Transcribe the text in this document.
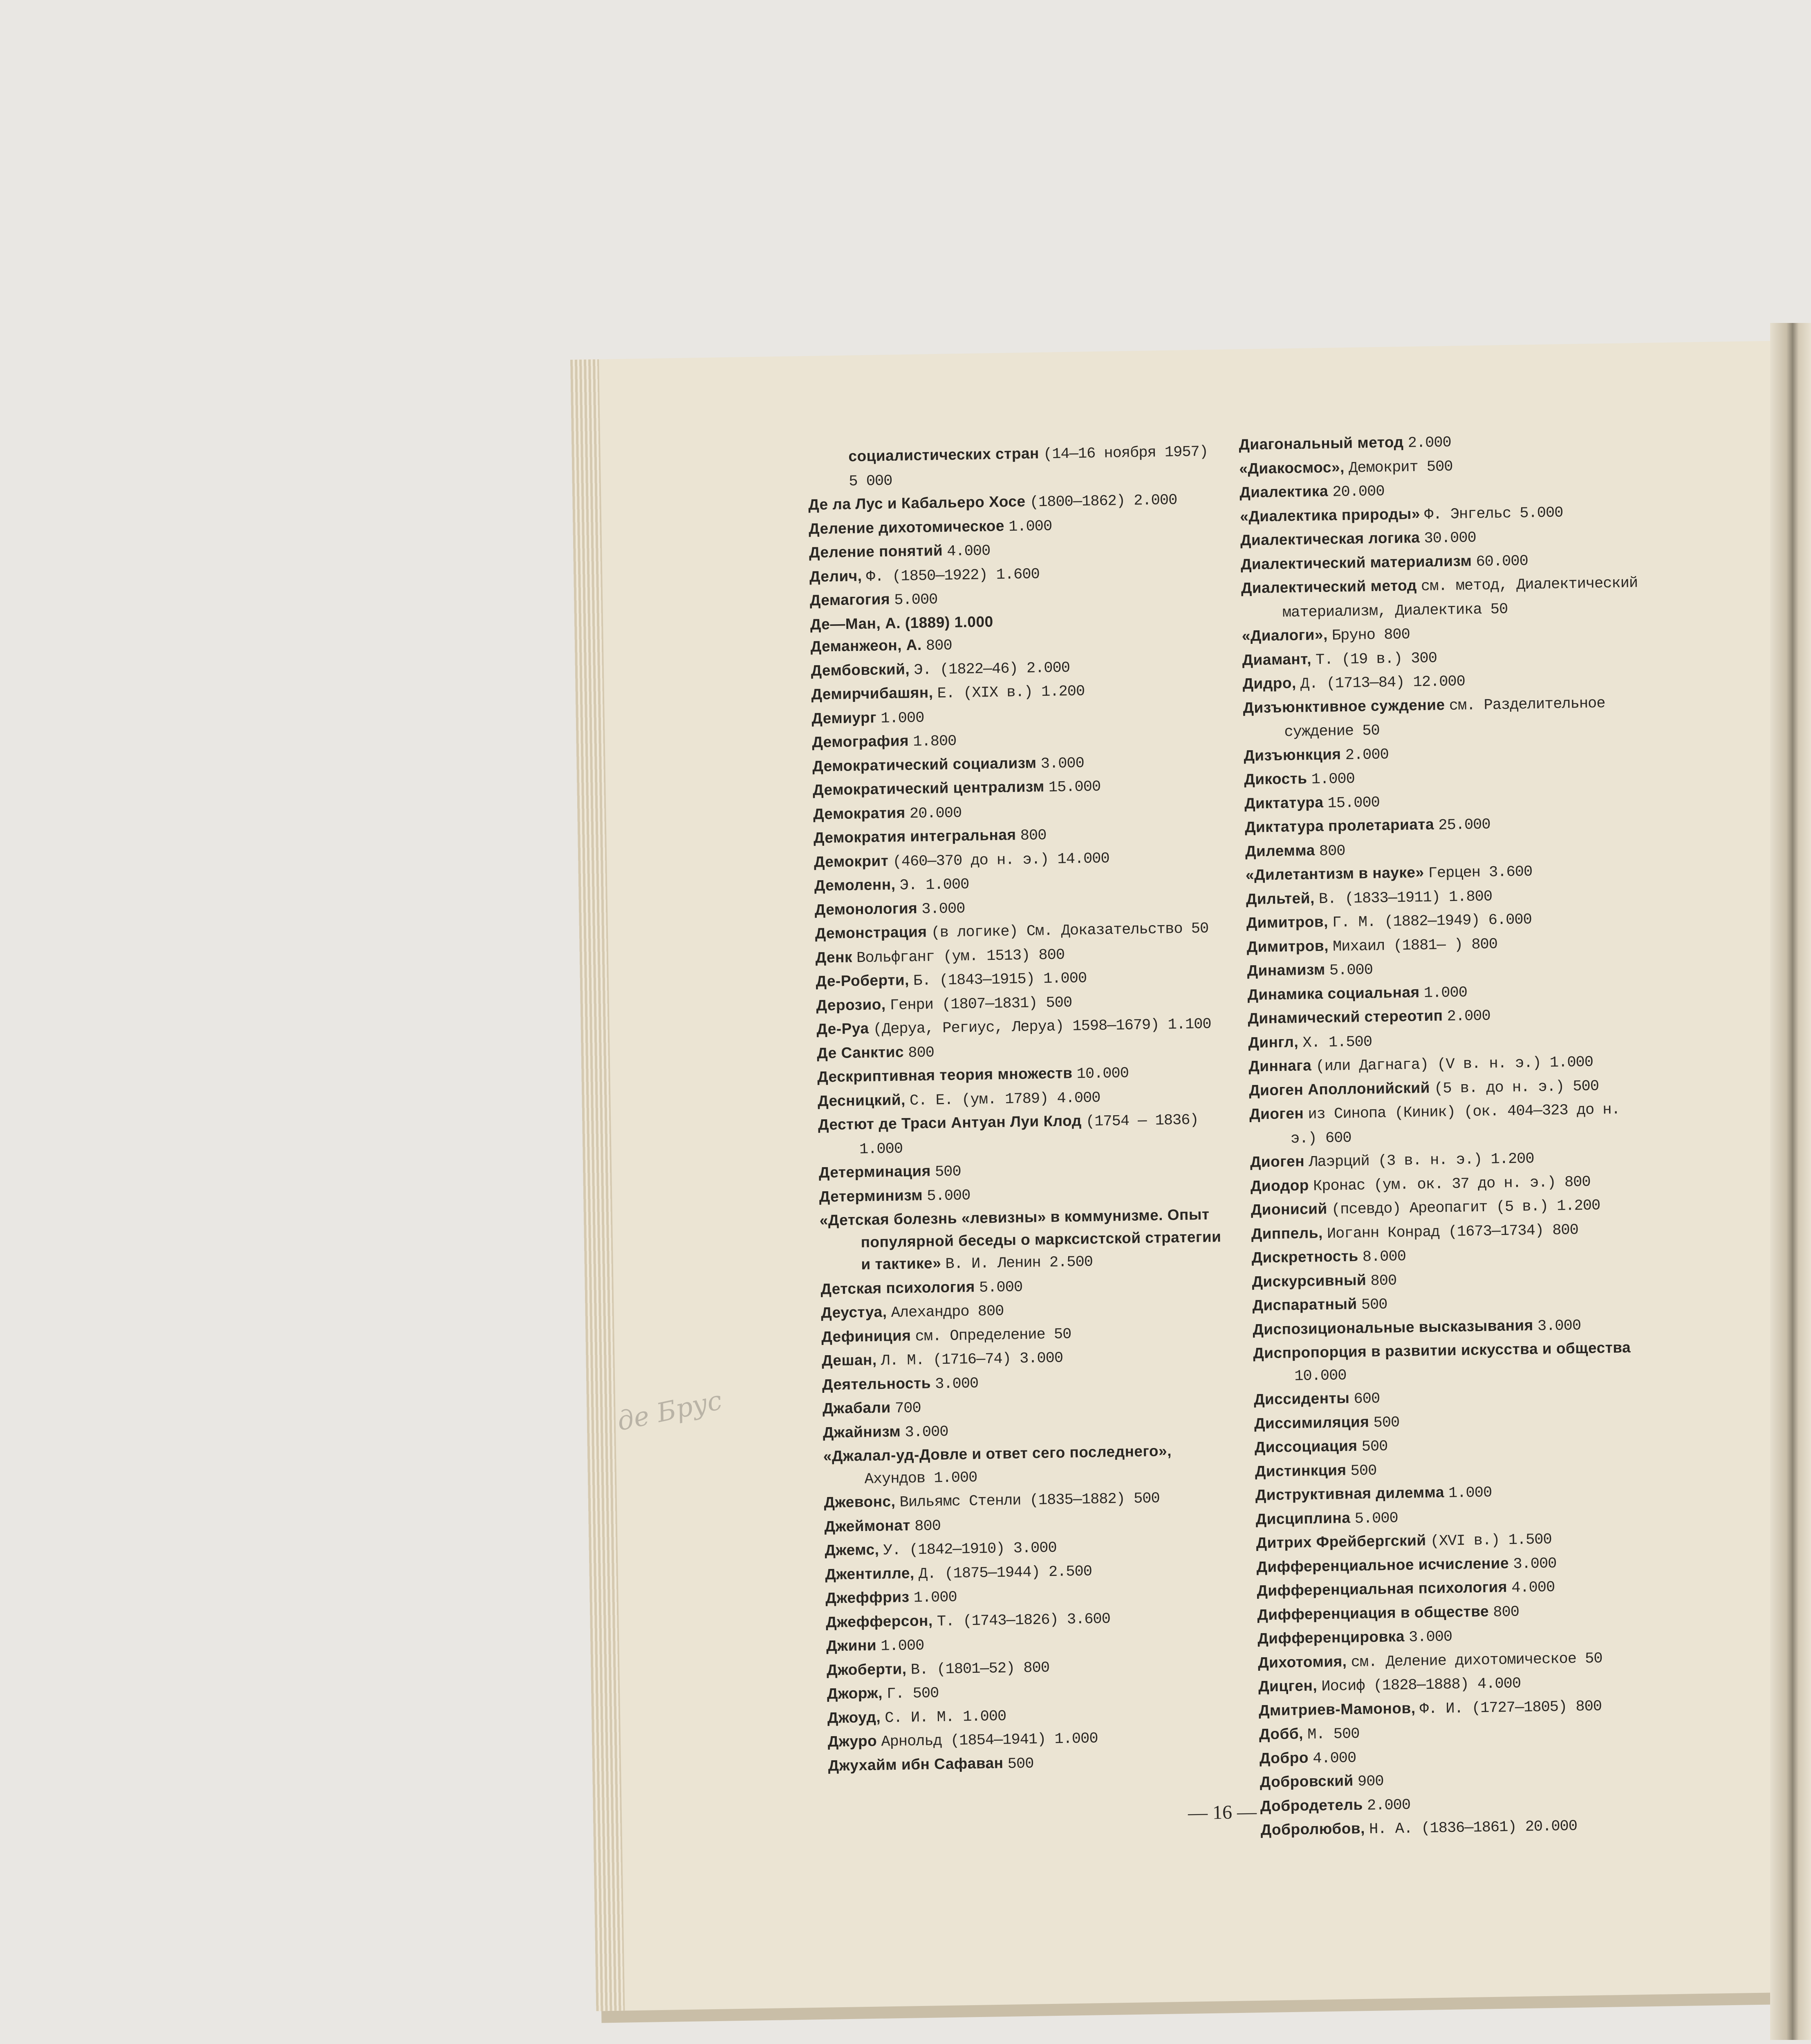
де Брус
социалистических стран (14—16 ноября 1957) 5 000
Де ла Лус и Кабальеро Хосе (1800—1862) 2.000
Деление дихотомическое 1.000
Деление понятий 4.000
Делич, Ф. (1850—1922) 1.600
Демагогия 5.000
Де—Ман, А. (1889) 1.000
Деманжеон, А. 800
Дембовский, Э. (1822—46) 2.000
Демирчибашян, Е. (XIX в.) 1.200
Демиург 1.000
Демография 1.800
Демократический социализм 3.000
Демократический централизм 15.000
Демократия 20.000
Демократия интегральная 800
Демокрит (460—370 до н. э.) 14.000
Демоленн, Э. 1.000
Демонология 3.000
Демонстрация (в логике) См. Доказательство 50
Денк Вольфганг (ум. 1513) 800
Де-Роберти, Б. (1843—1915) 1.000
Дерозио, Генри (1807—1831) 500
Де-Руа (Деруа, Региус, Леруа) 1598—1679) 1.100
Де Санктис 800
Дескриптивная теория множеств 10.000
Десницкий, С. Е. (ум. 1789) 4.000
Дестют де Траси Антуан Луи Клод (1754 — 1836) 1.000
Детерминация 500
Детерминизм 5.000
«Детская болезнь «левизны» в коммунизме. Опыт популярной беседы о марксистской стратегии и тактике» В. И. Ленин 2.500
Детская психология 5.000
Деустуа, Алехандро 800
Дефиниция см. Определение 50
Дешан, Л. М. (1716—74) 3.000
Деятельность 3.000
Джабали 700
Джайнизм 3.000
«Джалал-уд-Довле и ответ сего последнего», Ахундов 1.000
Джевонс, Вильямс Стенли (1835—1882) 500
Джеймонат 800
Джемс, У. (1842—1910) 3.000
Джентилле, Д. (1875—1944) 2.500
Джеффриз 1.000
Джефферсон, Т. (1743—1826) 3.600
Джини 1.000
Джоберти, В. (1801—52) 800
Джорж, Г. 500
Джоуд, С. И. М. 1.000
Джуро Арнольд (1854—1941) 1.000
Джухайм ибн Сафаван 500
Диагональный метод 2.000
«Диакосмос», Демокрит 500
Диалектика 20.000
«Диалектика природы» Ф. Энгельс 5.000
Диалектическая логика 30.000
Диалектический материализм 60.000
Диалектический метод см. метод, Диалектический материализм, Диалектика 50
«Диалоги», Бруно 800
Диамант, Т. (19 в.) 300
Дидро, Д. (1713—84) 12.000
Дизъюнктивное суждение см. Разделительное суждение 50
Дизъюнкция 2.000
Дикость 1.000
Диктатура 15.000
Диктатура пролетариата 25.000
Дилемма 800
«Дилетантизм в науке» Герцен 3.600
Дильтей, В. (1833—1911) 1.800
Димитров, Г. М. (1882—1949) 6.000
Димитров, Михаил (1881— ) 800
Динамизм 5.000
Динамика социальная 1.000
Динамический стереотип 2.000
Дингл, Х. 1.500
Диннага (или Дагнага) (V в. н. э.) 1.000
Диоген Аполлонийский (5 в. до н. э.) 500
Диоген из Синопа (Киник) (ок. 404—323 до н. э.) 600
Диоген Лаэрций (3 в. н. э.) 1.200
Диодор Кронас (ум. ок. 37 до н. э.) 800
Дионисий (псевдо) Ареопагит (5 в.) 1.200
Диппель, Иоганн Конрад (1673—1734) 800
Дискретность 8.000
Дискурсивный 800
Диспаратный 500
Диспозициональные высказывания 3.000
Диспропорция в развитии искусства и общества 10.000
Диссиденты 600
Диссимиляция 500
Диссоциация 500
Дистинкция 500
Диструктивная дилемма 1.000
Дисциплина 5.000
Дитрих Фрейбергский (XVI в.) 1.500
Дифференциальное исчисление 3.000
Дифференциальная психология 4.000
Дифференциация в обществе 800
Дифференцировка 3.000
Дихотомия, см. Деление дихотомическое 50
Дицген, Иосиф (1828—1888) 4.000
Дмитриев-Мамонов, Ф. И. (1727—1805) 800
Добб, М. 500
Добро 4.000
Добровский 900
Добродетель 2.000
Добролюбов, Н. А. (1836—1861) 20.000
— 16 —
